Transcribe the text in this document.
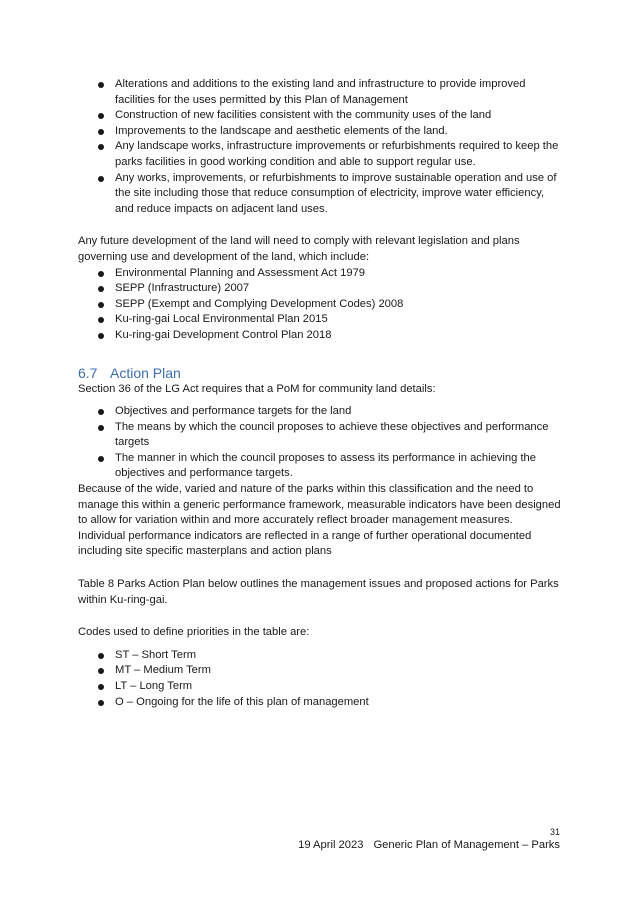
Alterations and additions to the existing land and infrastructure to provide improved facilities for the uses permitted by this Plan of Management
Construction of new facilities consistent with the community uses of the land
Improvements to the landscape and aesthetic elements of the land.
Any landscape works, infrastructure improvements or refurbishments required to keep the parks facilities in good working condition and able to support regular use.
Any works, improvements, or refurbishments to improve sustainable operation and use of the site including those that reduce consumption of electricity, improve water efficiency, and reduce impacts on adjacent land uses.

Any future development of the land will need to comply with relevant legislation and plans governing use and development of the land, which include:

Environmental Planning and Assessment Act 1979
SEPP (Infrastructure) 2007
SEPP (Exempt and Complying Development Codes) 2008
Ku-ring-gai Local Environmental Plan 2015
Ku-ring-gai Development Control Plan 2018
6.7 Action Plan

Section 36 of the LG Act requires that a PoM for community land details:

Objectives and performance targets for the land
The means by which the council proposes to achieve these objectives and performance targets
The manner in which the council proposes to assess its performance in achieving the objectives and performance targets.

Because of the wide, varied and nature of the parks within this classification and the need to manage this within a generic performance framework, measurable indicators have been designed to allow for variation within and more accurately reflect broader management measures. Individual performance indicators are reflected in a range of further operational documented including site specific masterplans and action plans

Table 8 Parks Action Plan below outlines the management issues and proposed actions for Parks within Ku-ring-gai.

Codes used to define priorities in the table are:

ST – Short Term
MT – Medium Term
LT – Long Term
O – Ongoing for the life of this plan of management
31
19 April 2023 Generic Plan of Management – Parks
